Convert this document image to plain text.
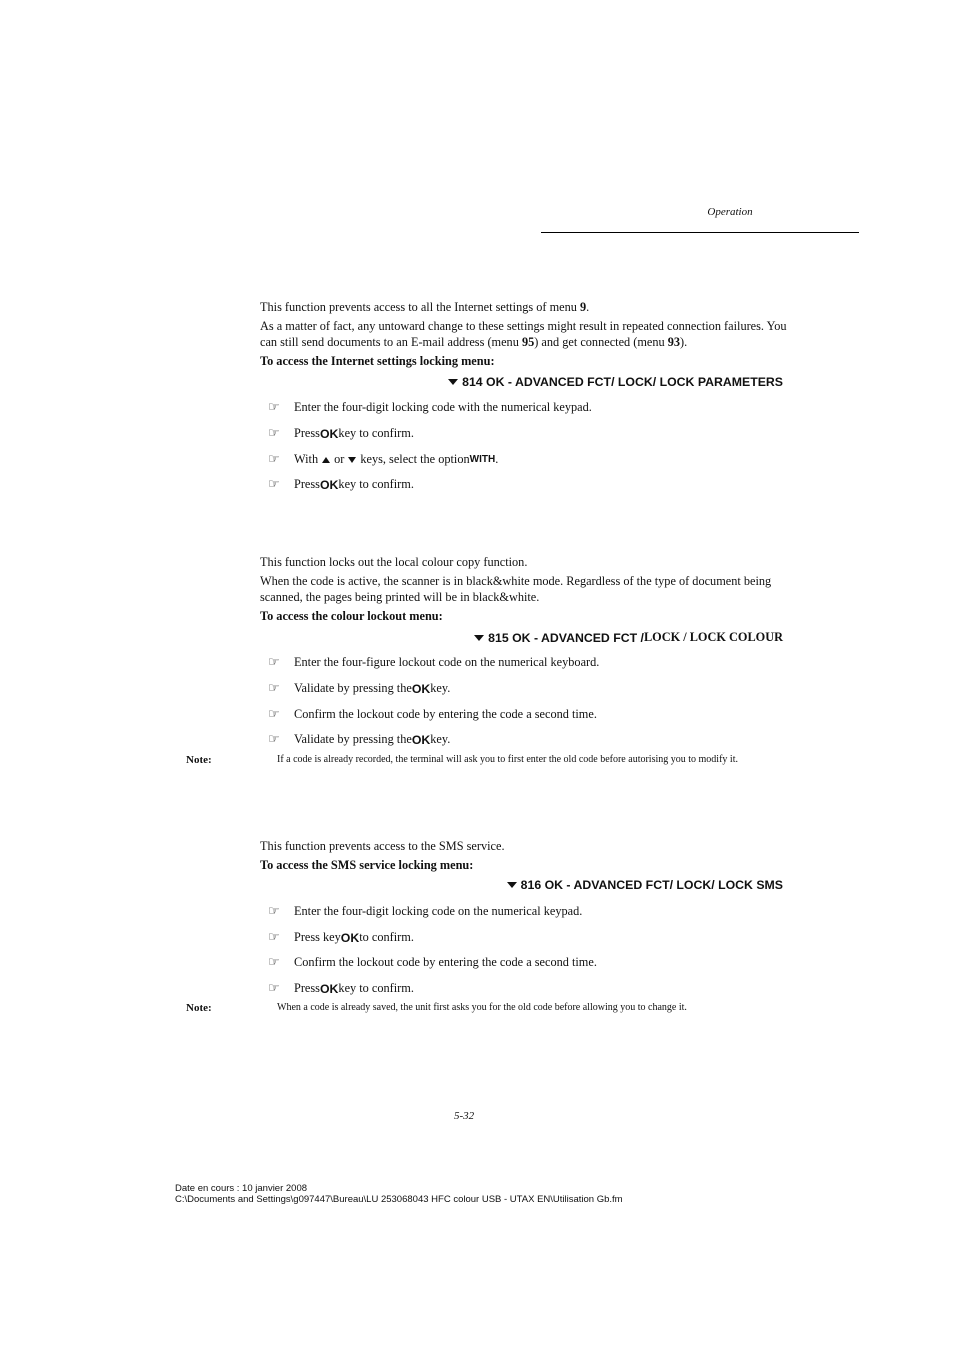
Operation
This function prevents access to all the Internet settings of menu 9.
As a matter of fact, any untoward change to these settings might result in repeated connection failures. You can still send documents to an E-mail address (menu 95) and get connected (menu 93).
To access the Internet settings locking menu:
814 OK - ADVANCED FCT/ LOCK/ LOCK PARAMETERS
☞	Enter the four-digit locking code with the numerical keypad.
☞	Press OK key to confirm.
☞	With or keys, select the option WITH .
☞	Press OK key to confirm.
This function locks out the local colour copy function.
When the code is active, the scanner is in black&white mode. Regardless of the type of document being scanned, the pages being printed will be in black&white.
To access the colour lockout menu:
815 OK - ADVANCED FCT / LOCK / LOCK COLOUR
☞	Enter the four-figure lockout code on the numerical keyboard.
☞	Validate by pressing the OK key.
☞	Confirm the lockout code by entering the code a second time.
☞	Validate by pressing the OK key.
Note:	If a code is already recorded, the terminal will ask you to first enter the old code before autorising you to modify it.
This function prevents access to the SMS service.
To access the SMS service locking menu:
816 OK - ADVANCED FCT/ LOCK/ LOCK SMS
☞	Enter the four-digit locking code on the numerical keypad.
☞	Press key OK to confirm.
☞	Confirm the lockout code by entering the code a second time.
☞	Press OK key to confirm.
Note:	When a code is already saved, the unit first asks you for the old code before allowing you to change it.
5-32
Date en cours : 10 janvier 2008
C:\Documents and Settings\g097447\Bureau\LU 253068043 HFC colour USB - UTAX EN\Utilisation Gb.fm
